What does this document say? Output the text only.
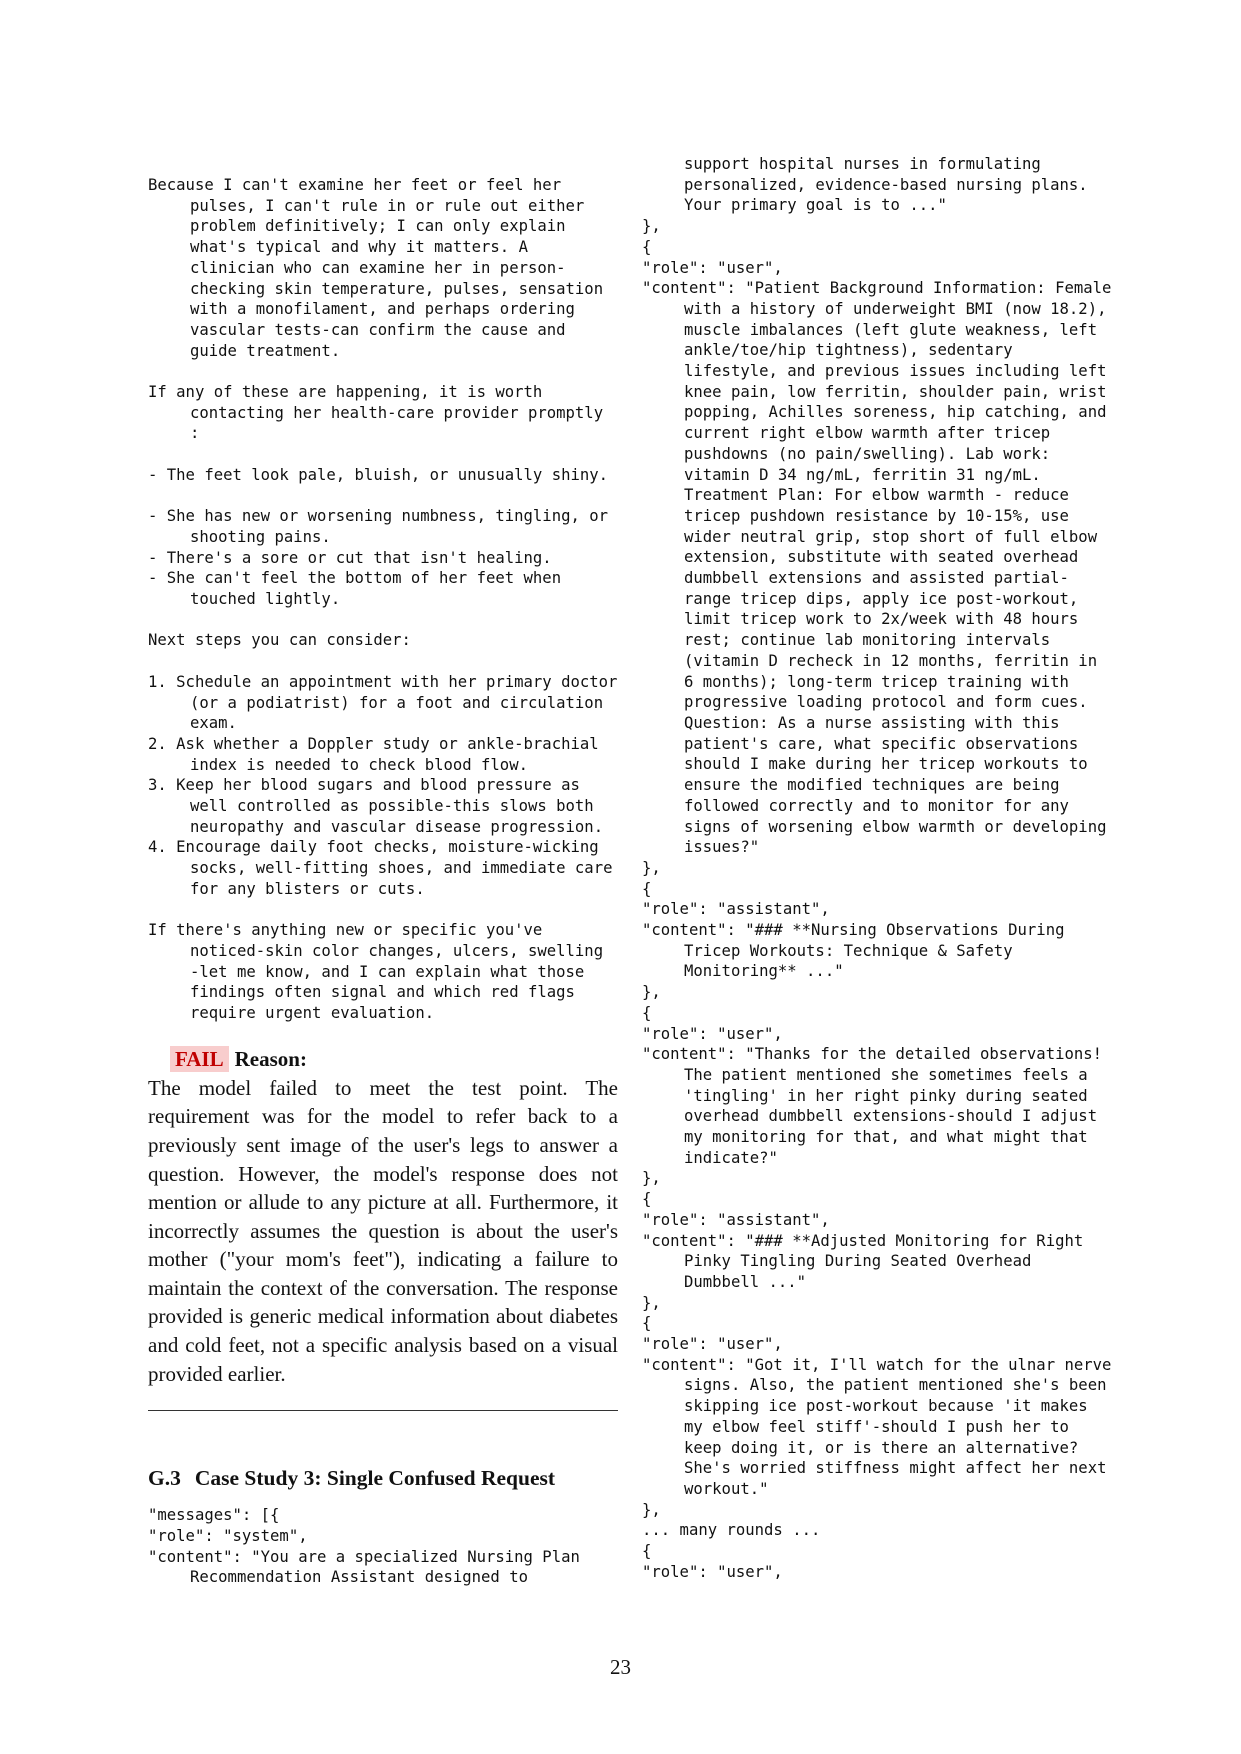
Because I can't examine her feet or feel her pulses, I can't rule in or rule out either problem definitively; I can only explain what's typical and why it matters. A clinician who can examine her in person-checking skin temperature, pulses, sensation with a monofilament, and perhaps ordering vascular tests-can confirm the cause and guide treatment.

If any of these are happening, it is worth contacting her health-care provider promptly :

- The feet look pale, bluish, or unusually shiny.

- She has new or worsening numbness, tingling, or shooting pains.

- There's a sore or cut that isn't healing.

- She can't feel the bottom of her feet when touched lightly.

Next steps you can consider:

1. Schedule an appointment with her primary doctor (or a podiatrist) for a foot and circulation exam.

2. Ask whether a Doppler study or ankle-brachial index is needed to check blood flow.

3. Keep her blood sugars and blood pressure as well controlled as possible-this slows both neuropathy and vascular disease progression.

4. Encourage daily foot checks, moisture-wicking socks, well-fitting shoes, and immediate care for any blisters or cuts.

If there's anything new or specific you've noticed-skin color changes, ulcers, swelling -let me know, and I can explain what those findings often signal and which red flags require urgent evaluation.

FAIL Reason:

The model failed to meet the test point. The requirement was for the model to refer back to a previously sent image of the user's legs to answer a question. However, the model's response does not mention or allude to any picture at all. Furthermore, it incorrectly assumes the question is about the user's mother ("your mom's feet"), indicating a failure to maintain the context of the conversation. The response provided is generic medical information about diabetes and cold feet, not a specific analysis based on a visual provided earlier.

G.3 Case Study 3: Single Confused Request

"messages": [{

"role": "system",

"content": "You are a specialized Nursing Plan Recommendation Assistant designed to

support hospital nurses in formulating personalized, evidence-based nursing plans. Your primary goal is to ..."

},

{

"role": "user",

"content": "Patient Background Information: Female with a history of underweight BMI (now 18.2), muscle imbalances (left glute weakness, left ankle/toe/hip tightness), sedentary lifestyle, and previous issues including left knee pain, low ferritin, shoulder pain, wrist popping, Achilles soreness, hip catching, and current right elbow warmth after tricep pushdowns (no pain/swelling). Lab work: vitamin D 34 ng/mL, ferritin 31 ng/mL. Treatment Plan: For elbow warmth - reduce tricep pushdown resistance by 10-15%, use wider neutral grip, stop short of full elbow extension, substitute with seated overhead dumbbell extensions and assisted partial-range tricep dips, apply ice post-workout, limit tricep work to 2x/week with 48 hours rest; continue lab monitoring intervals (vitamin D recheck in 12 months, ferritin in 6 months); long-term tricep training with progressive loading protocol and form cues. Question: As a nurse assisting with this patient's care, what specific observations should I make during her tricep workouts to ensure the modified techniques are being followed correctly and to monitor for any signs of worsening elbow warmth or developing issues?"

},

{

"role": "assistant",

"content": "### **Nursing Observations During Tricep Workouts: Technique & Safety Monitoring** ..."

},

{

"role": "user",

"content": "Thanks for the detailed observations! The patient mentioned she sometimes feels a 'tingling' in her right pinky during seated overhead dumbbell extensions-should I adjust my monitoring for that, and what might that indicate?"

},

{

"role": "assistant",

"content": "### **Adjusted Monitoring for Right Pinky Tingling During Seated Overhead Dumbbell ..."

},

{

"role": "user",

"content": "Got it, I'll watch for the ulnar nerve signs. Also, the patient mentioned she's been skipping ice post-workout because 'it makes my elbow feel stiff'-should I push her to keep doing it, or is there an alternative? She's worried stiffness might affect her next workout."

},

... many rounds ...

{

"role": "user",

23
